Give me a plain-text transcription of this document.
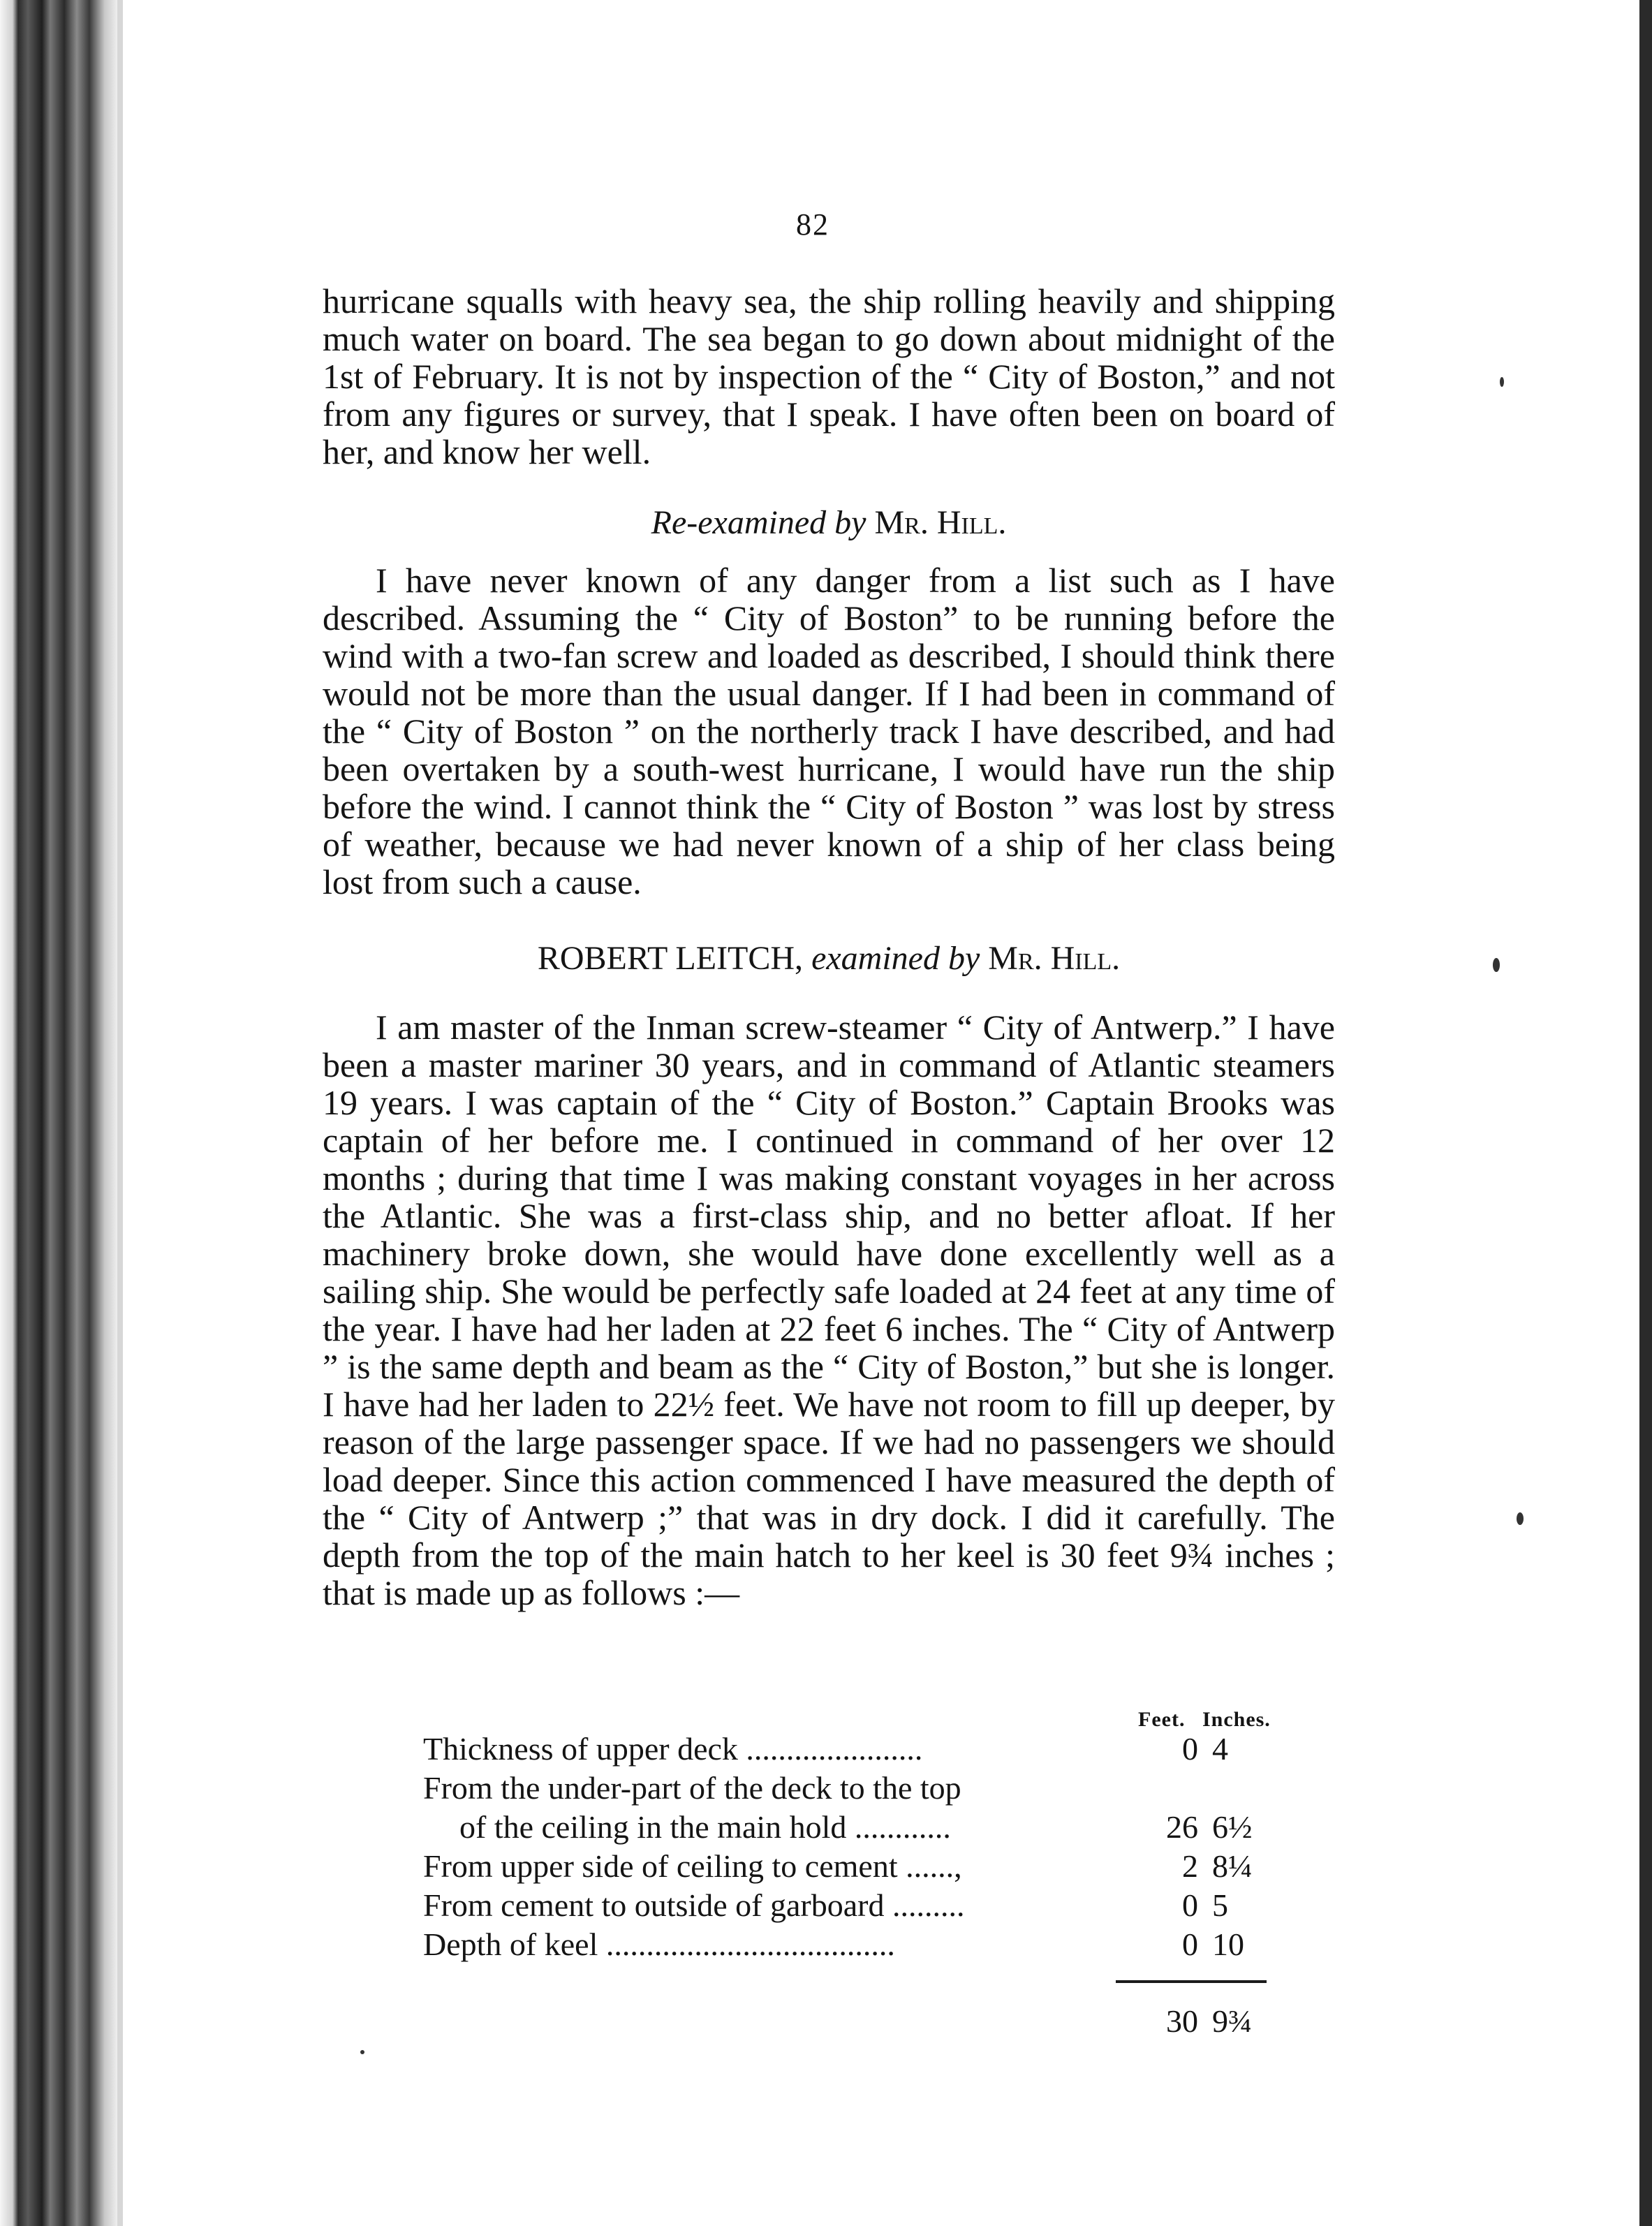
82

hurricane squalls with heavy sea, the ship rolling heavily and shipping much water on board. The sea began to go down about midnight of the 1st of February. It is not by inspection of the “ City of Boston,” and not from any figures or survey, that I speak. I have often been on board of her, and know her well.

Re-examined by Mr. Hill.

I have never known of any danger from a list such as I have described. Assuming the “ City of Boston” to be running before the wind with a two-fan screw and loaded as described, I should think there would not be more than the usual danger. If I had been in command of the “ City of Boston ” on the northerly track I have described, and had been overtaken by a south-west hurricane, I would have run the ship before the wind. I cannot think the “ City of Boston ” was lost by stress of weather, because we had never known of a ship of her class being lost from such a cause.

ROBERT LEITCH, examined by Mr. Hill.

I am master of the Inman screw-steamer “ City of Antwerp.” I have been a master mariner 30 years, and in command of Atlantic steamers 19 years. I was captain of the “ City of Boston.” Captain Brooks was captain of her before me. I continued in command of her over 12 months ; during that time I was making constant voyages in her across the Atlantic. She was a first-class ship, and no better afloat. If her machinery broke down, she would have done excellently well as a sailing ship. She would be perfectly safe loaded at 24 feet at any time of the year. I have had her laden at 22 feet 6 inches. The “ City of Antwerp ” is the same depth and beam as the “ City of Boston,” but she is longer. I have had her laden to 22½ feet. We have not room to fill up deeper, by reason of the large passenger space. If we had no passengers we should load deeper. Since this action commenced I have measured the depth of the “ City of Antwerp ;” that was in dry dock. I did it carefully. The depth from the top of the main hatch to her keel is 30 feet 9¾ inches ; that is made up as follows :—

Feet. Inches.
Thickness of upper deck ......................	0 4
From the under-part of the deck to the top
of the ceiling in the main hold ............	26 6½
From upper side of ceiling to cement ......,	2 8¼
From cement to outside of garboard .........	0 5
Depth of keel ....................................	0 10
30 9¾
